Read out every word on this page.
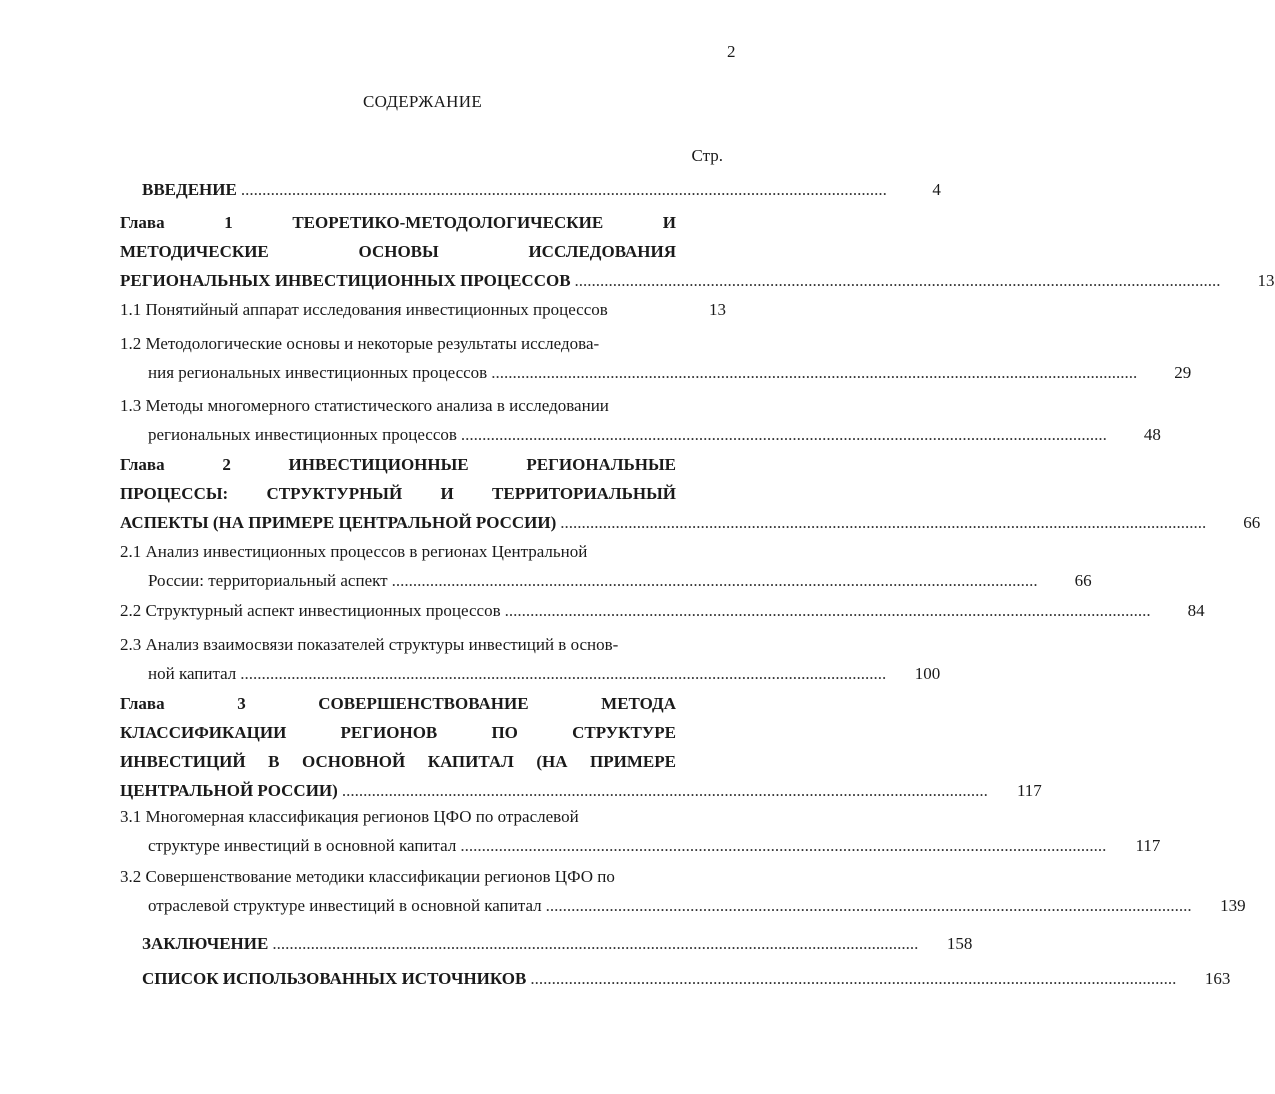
2
СОДЕРЖАНИЕ
Стр.
ВВЕДЕНИЕ ........................................................................................................................................................	4
Глава 1 ТЕОРЕТИКО-МЕТОДОЛОГИЧЕСКИЕ И
МЕТОДИЧЕСКИЕ ОСНОВЫ ИССЛЕДОВАНИЯ
РЕГИОНАЛЬНЫХ ИНВЕСТИЦИОННЫХ ПРОЦЕССОВ ........................................................................................................................................................	13
1.1 Понятийный аппарат исследования инвестиционных процессов	13
1.2 Методологические основы и некоторые результаты исследова-
ния региональных инвестиционных процессов ........................................................................................................................................................	29
1.3 Методы многомерного статистического анализа в исследовании
региональных инвестиционных процессов ........................................................................................................................................................	48
Глава 2 ИНВЕСТИЦИОННЫЕ РЕГИОНАЛЬНЫЕ
ПРОЦЕССЫ: СТРУКТУРНЫЙ И ТЕРРИТОРИАЛЬНЫЙ
АСПЕКТЫ (НА ПРИМЕРЕ ЦЕНТРАЛЬНОЙ РОССИИ) ........................................................................................................................................................	66
2.1 Анализ инвестиционных процессов в регионах Центральной
России: территориальный аспект ........................................................................................................................................................	66
2.2 Структурный аспект инвестиционных процессов ........................................................................................................................................................	84
2.3 Анализ взаимосвязи показателей структуры инвестиций в основ-
ной капитал ........................................................................................................................................................	100
Глава 3 СОВЕРШЕНСТВОВАНИЕ МЕТОДА
КЛАССИФИКАЦИИ РЕГИОНОВ ПО СТРУКТУРЕ
ИНВЕСТИЦИЙ В ОСНОВНОЙ КАПИТАЛ (НА ПРИМЕРЕ
ЦЕНТРАЛЬНОЙ РОССИИ) ........................................................................................................................................................	117
3.1 Многомерная классификация регионов ЦФО по отраслевой
структуре инвестиций в основной капитал ........................................................................................................................................................	117
3.2 Совершенствование методики классификации регионов ЦФО по
отраслевой структуре инвестиций в основной капитал ........................................................................................................................................................	139
ЗАКЛЮЧЕНИЕ ........................................................................................................................................................	158
СПИСОК ИСПОЛЬЗОВАННЫХ ИСТОЧНИКОВ ........................................................................................................................................................	163
